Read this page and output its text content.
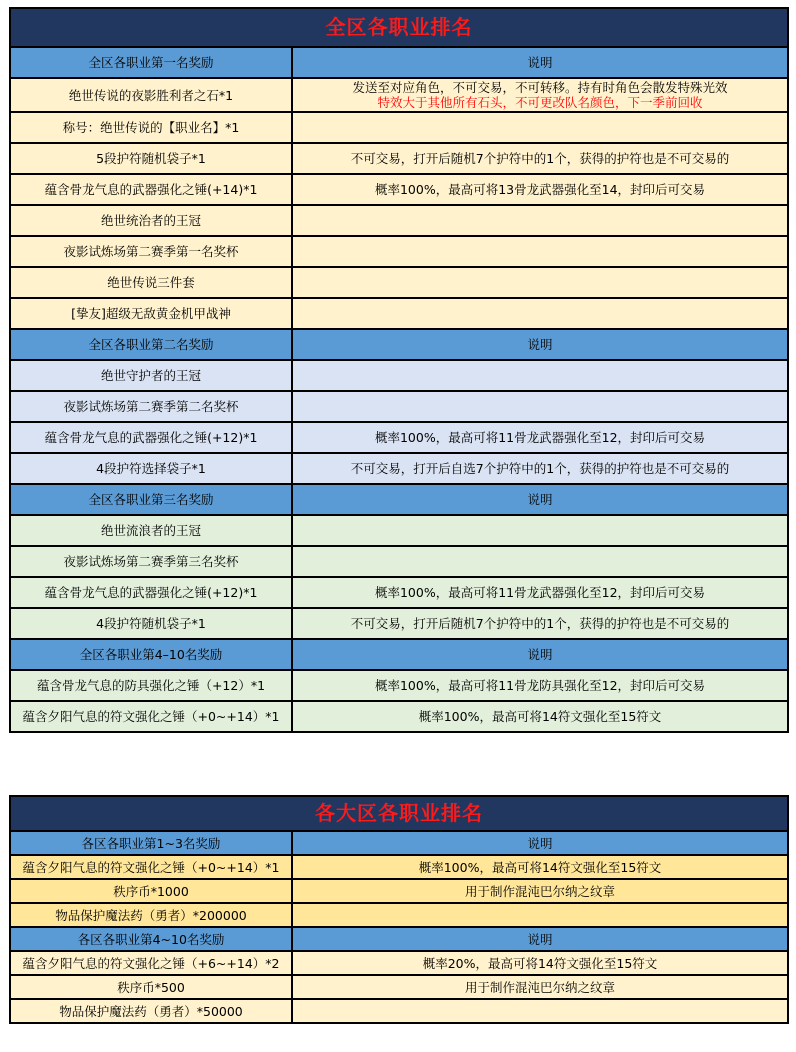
全区各职业排名	
全区各职业第一名奖励	说明
绝世传说的夜影胜利者之石*1	发送至对应角色，不可交易，不可转移。持有时角色会散发特殊光效
特效大于其他所有石头，不可更改队名颜色，下一季前回收

称号：绝世传说的【职业名】*1	
5段护符随机袋子*1	不可交易，打开后随机7个护符中的1个，获得的护符也是不可交易的
蕴含骨龙气息的武器强化之锤(+14)*1	概率100%，最高可将13骨龙武器强化至14，封印后可交易
绝世统治者的王冠	
夜影试炼场第二赛季第一名奖杯	
绝世传说三件套	
[挚友]超级无敌黄金机甲战神	
全区各职业第二名奖励	说明
绝世守护者的王冠	
夜影试炼场第二赛季第二名奖杯	
蕴含骨龙气息的武器强化之锤(+12)*1	概率100%，最高可将11骨龙武器强化至12，封印后可交易
4段护符选择袋子*1	不可交易，打开后自选7个护符中的1个，获得的护符也是不可交易的
全区各职业第三名奖励	说明
绝世流浪者的王冠	
夜影试炼场第二赛季第三名奖杯	
蕴含骨龙气息的武器强化之锤(+12)*1	概率100%，最高可将11骨龙武器强化至12，封印后可交易
4段护符随机袋子*1	不可交易，打开后随机7个护符中的1个，获得的护符也是不可交易的
全区各职业第4–10名奖励	说明
蕴含骨龙气息的防具强化之锤（+12）*1	概率100%，最高可将11骨龙防具强化至12，封印后可交易
蕴含夕阳气息的符文强化之锤（+0~+14）*1	概率100%，最高可将14符文强化至15符文
各大区各职业排名	
各区各职业第1~3名奖励	说明
蕴含夕阳气息的符文强化之锤（+0~+14）*1	概率100%，最高可将14符文强化至15符文
秩序币*1000	用于制作混沌巴尔纳之纹章
物品保护魔法药（勇者）*200000	
各区各职业第4~10名奖励	说明
蕴含夕阳气息的符文强化之锤（+6~+14）*2	概率20%，最高可将14符文强化至15符文
秩序币*500	用于制作混沌巴尔纳之纹章
物品保护魔法药（勇者）*50000	
